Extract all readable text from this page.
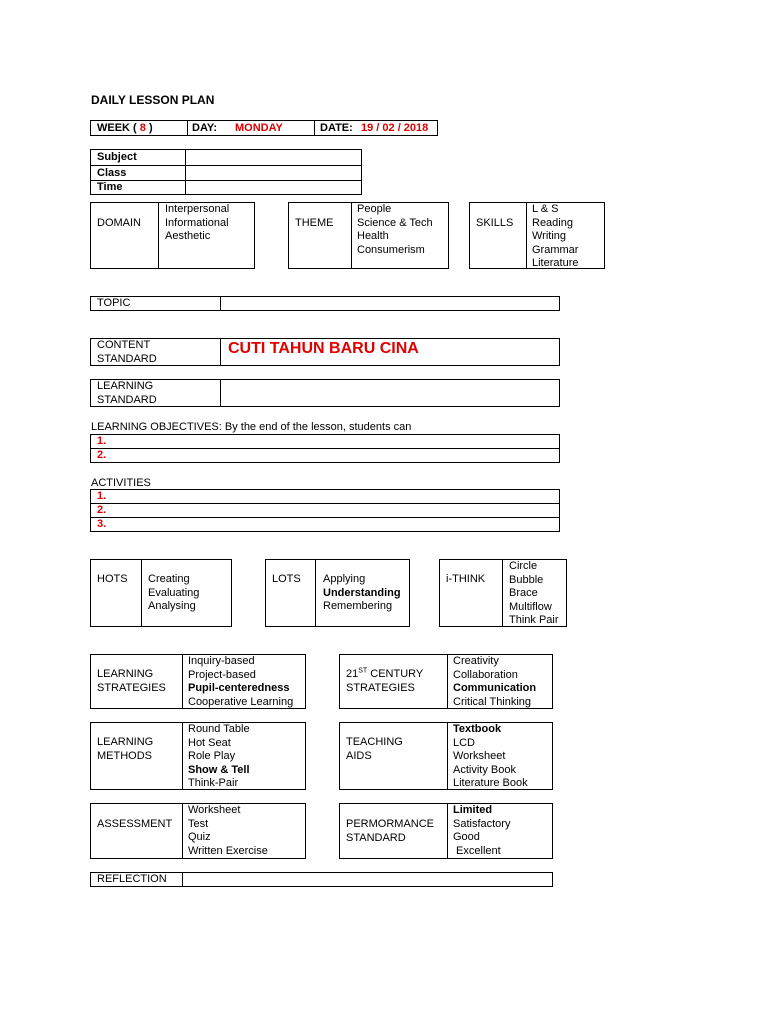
DAILY LESSON PLAN
WEEK ( 8 )	DAY: MONDAY	DATE: 19 / 02 / 2018
Subject
Class
Time
DOMAIN
Interpersonal
Informational
Aesthetic
THEME
People
Science & Tech
Health
Consumerism
SKILLS
L & S
Reading
Writing
Grammar
Literature
TOPIC
CONTENT
STANDARD
CUTI TAHUN BARU CINA
LEARNING
STANDARD
LEARNING OBJECTIVES: By the end of the lesson, students can
1.
2.
ACTIVITIES
1.
2.
3.
HOTS Creating
Evaluating
Analysing
LOTS Applying
Understanding
Remembering
i-THINK
Circle
Bubble
Brace
Multiflow
Think Pair
LEARNING
STRATEGIES
Inquiry-based
Project-based
Pupil-centeredness
Cooperative Learning
21ST CENTURY
STRATEGIES
Creativity
Collaboration
Communication
Critical Thinking
LEARNING
METHODS
Round Table
Hot Seat
Role Play
Show & Tell
Think-Pair
TEACHING
AIDS
Textbook
LCD
Worksheet
Activity Book
Literature Book
ASSESSMENT
Worksheet
Test
Quiz
Written Exercise
PERMORMANCE
STANDARD
Limited
Satisfactory
Good
Excellent
REFLECTION
